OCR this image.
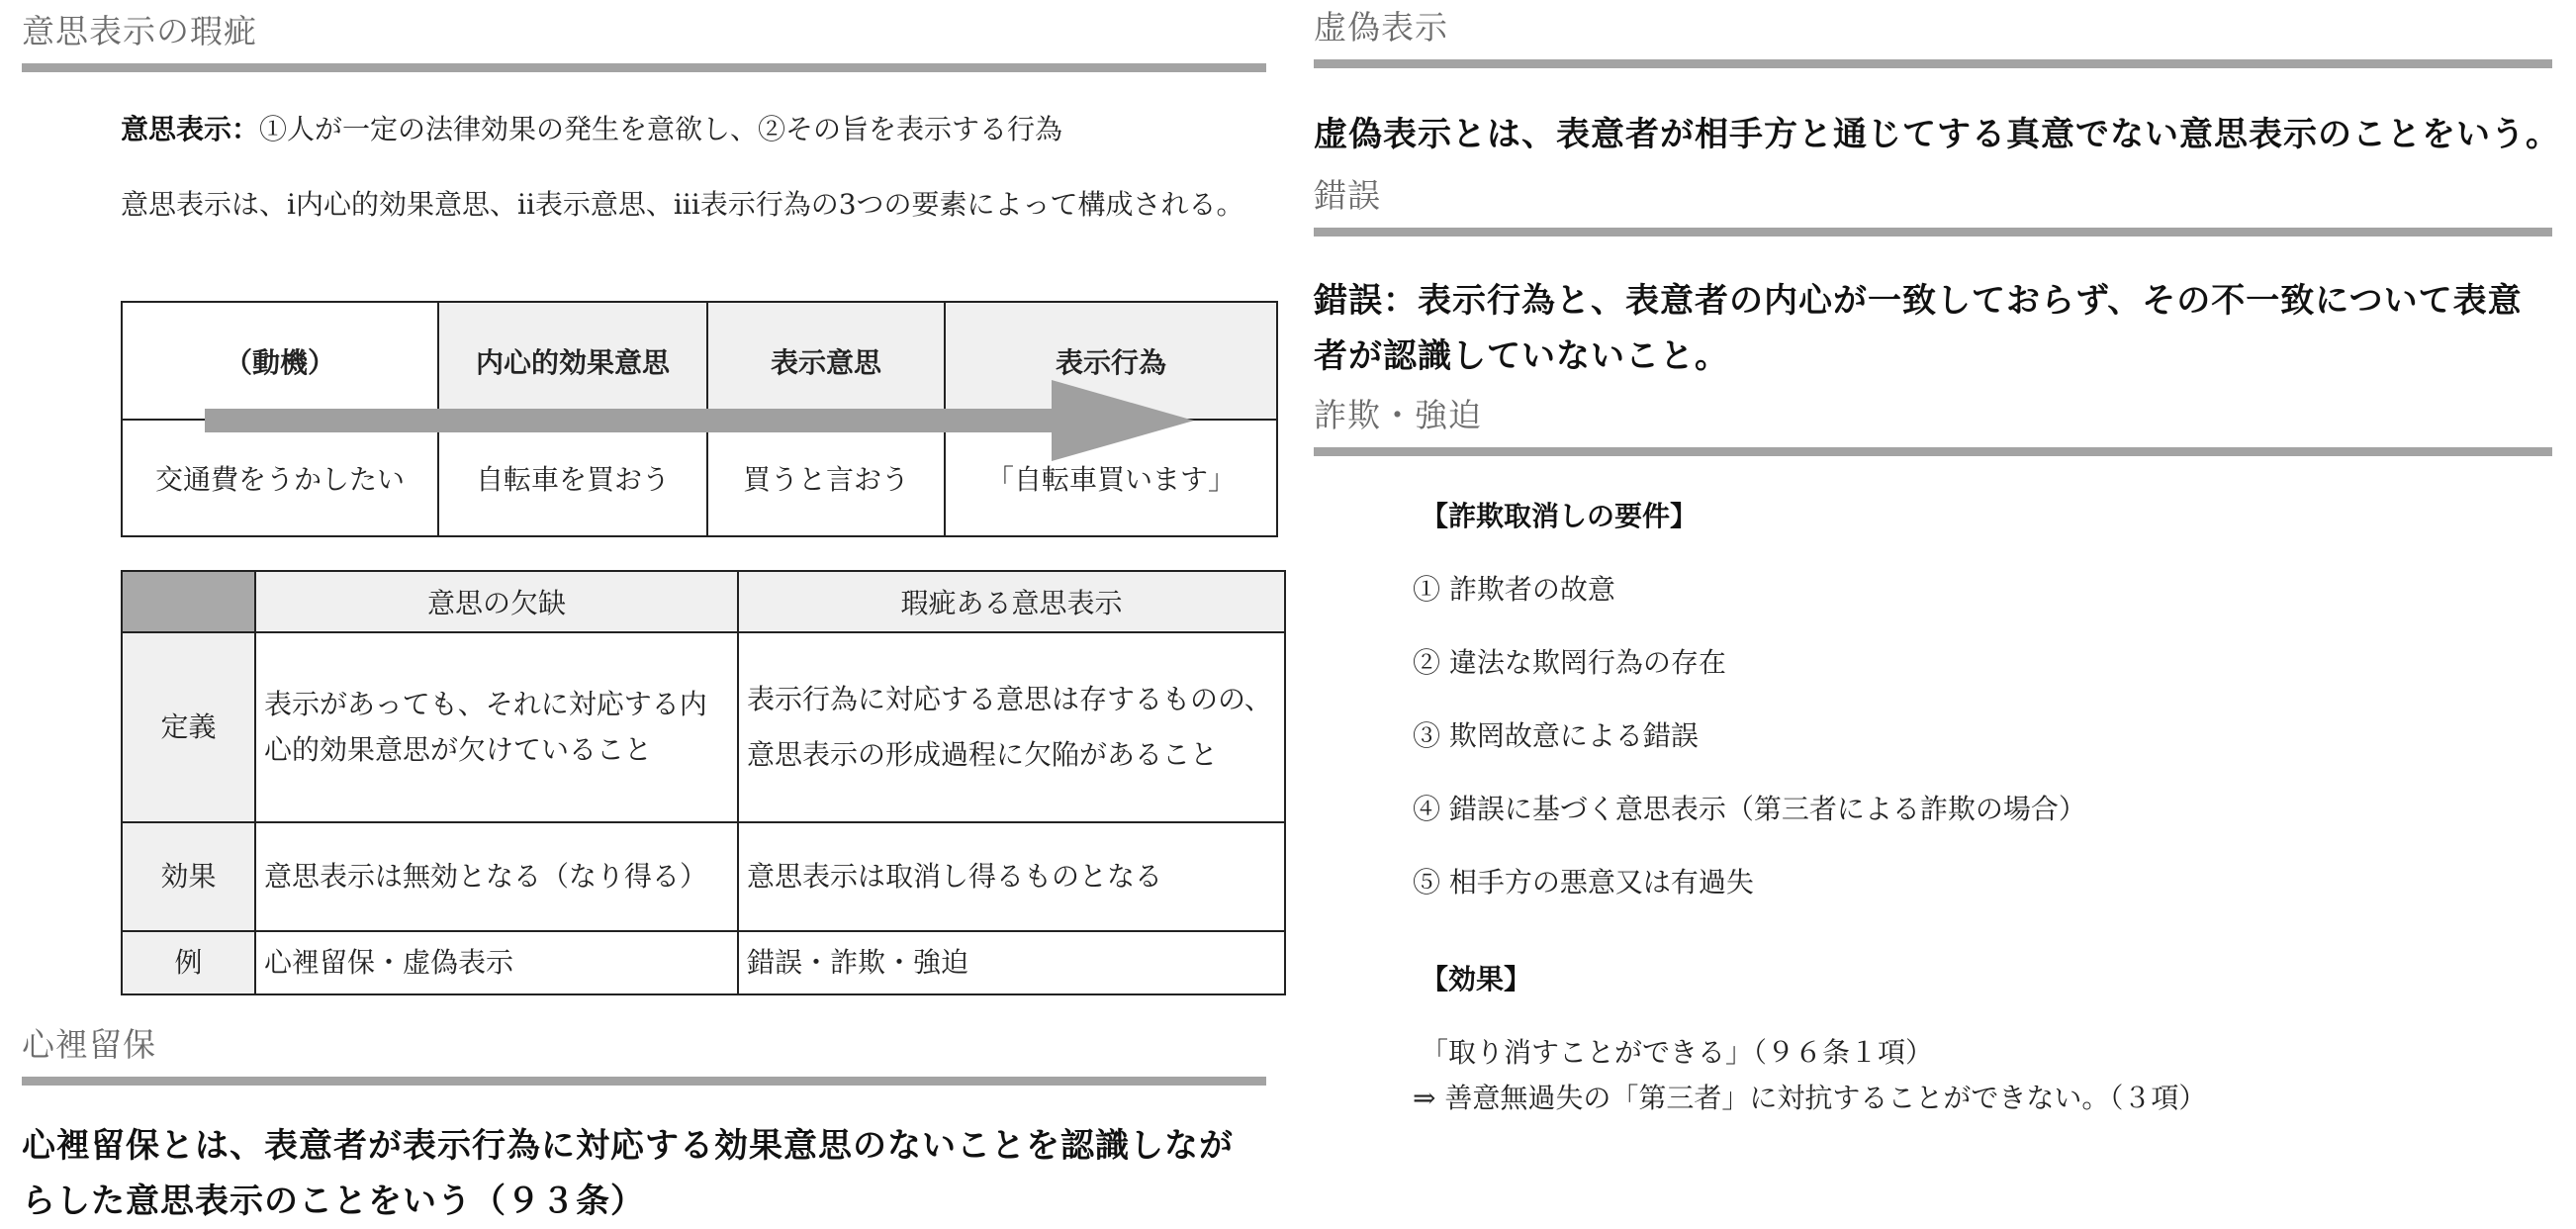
意思表示の瑕疵
意思表示：①人が一定の法律効果の発生を意欲し、②その旨を表示する行為
意思表示は、ⅰ内心的効果意思、ⅱ表示意思、ⅲ表示行為の3つの要素によって構成される。
（動機）	内心的効果意思	表示意思	表示行為
交通費をうかしたい	自転車を買おう	買うと言おう	「自転車買います」
	意思の欠缺	瑕疵ある意思表示
定義	表示があっても、それに対応する内心的効果意思が欠けていること	表示行為に対応する意思は存するものの、意思表示の形成過程に欠陥があること
効果	意思表示は無効となる（なり得る）	意思表示は取消し得るものとなる
例	心裡留保・虚偽表示	錯誤・詐欺・強迫
心裡留保
心裡留保とは、表意者が表示行為に対応する効果意思のないことを認識しながらした意思表示のことをいう（９３条）
虚偽表示
虚偽表示とは、表意者が相手方と通じてする真意でない意思表示のことをいう。
錯誤
錯誤：表示行為と、表意者の内心が一致しておらず、その不一致について表意者が認識していないこと。
詐欺・強迫
【詐欺取消しの要件】
① 詐欺者の故意
② 違法な欺罔行為の存在
③ 欺罔故意による錯誤
④ 錯誤に基づく意思表示（第三者による詐欺の場合）
⑤ 相手方の悪意又は有過失
【効果】
「取り消すことができる」（９６条１項）
⇒ 善意無過失の「第三者」に対抗することができない。（３項）
